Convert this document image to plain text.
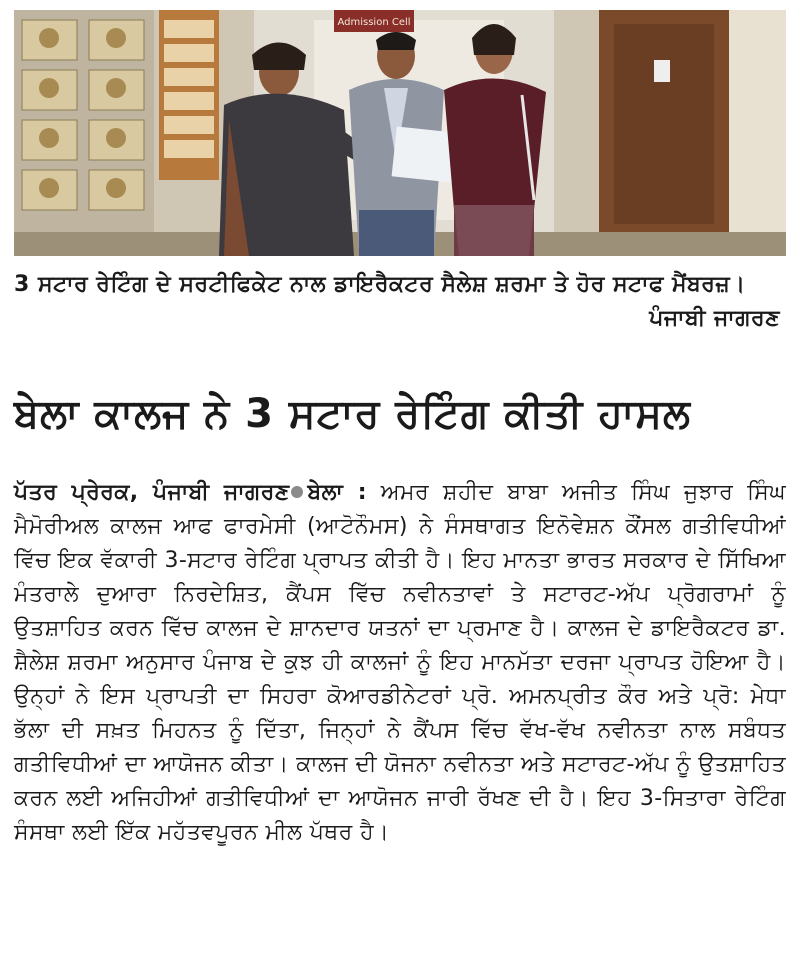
Admission Cell
3 ਸਟਾਰ ਰੇਟਿੰਗ ਦੇ ਸਰਟੀਫਿਕੇਟ ਨਾਲ ਡਾਇਰੈਕਟਰ ਸੈਲੇਸ਼ ਸ਼ਰਮਾ ਤੇ ਹੋਰ ਸਟਾਫ ਮੈਂਬਰਜ਼।
ਪੰਜਾਬੀ ਜਾਗਰਣ
ਬੇਲਾ ਕਾਲਜ ਨੇ 3 ਸਟਾਰ ਰੇਟਿੰਗ ਕੀਤੀ ਹਾਸਲ
ਪੱਤਰ ਪ੍ਰੇਰਕ, ਪੰਜਾਬੀ ਜਾਗਰਣ ਬੇਲਾ : ਅਮਰ ਸ਼ਹੀਦ ਬਾਬਾ ਅਜੀਤ ਸਿੰਘ ਜੁਝਾਰ ਸਿੰਘ ਮੈਮੋਰੀਅਲ ਕਾਲਜ ਆਫ ਫਾਰਮੇਸੀ (ਆਟੋਨੌਮਸ) ਨੇ ਸੰਸਥਾਗਤ ਇਨੋਵੇਸ਼ਨ ਕੌਂਸਲ ਗਤੀਵਿਧੀਆਂ ਵਿੱਚ ਇਕ ਵੱਕਾਰੀ 3-ਸਟਾਰ ਰੇਟਿੰਗ ਪ੍ਰਾਪਤ ਕੀਤੀ ਹੈ। ਇਹ ਮਾਨਤਾ ਭਾਰਤ ਸਰਕਾਰ ਦੇ ਸਿੱਖਿਆ ਮੰਤਰਾਲੇ ਦੁਆਰਾ ਨਿਰਦੇਸ਼ਿਤ, ਕੈਂਪਸ ਵਿੱਚ ਨਵੀਨਤਾਵਾਂ ਤੇ ਸਟਾਰਟ-ਅੱਪ ਪ੍ਰੋਗਰਾਮਾਂ ਨੂੰ ਉਤਸ਼ਾਹਿਤ ਕਰਨ ਵਿੱਚ ਕਾਲਜ ਦੇ ਸ਼ਾਨਦਾਰ ਯਤਨਾਂ ਦਾ ਪ੍ਰਮਾਣ ਹੈ। ਕਾਲਜ ਦੇ ਡਾਇਰੈਕਟਰ ਡਾ. ਸ਼ੈਲੇਸ਼ ਸ਼ਰਮਾ ਅਨੁਸਾਰ ਪੰਜਾਬ ਦੇ ਕੁਝ ਹੀ ਕਾਲਜਾਂ ਨੂੰ ਇਹ ਮਾਨਮੱਤਾ ਦਰਜਾ ਪ੍ਰਾਪਤ ਹੋਇਆ ਹੈ। ਉਨ੍ਹਾਂ ਨੇ ਇਸ ਪ੍ਰਾਪਤੀ ਦਾ ਸਿਹਰਾ ਕੋਆਰਡੀਨੇਟਰਾਂ ਪ੍ਰੋ. ਅਮਨਪ੍ਰੀਤ ਕੌਰ ਅਤੇ ਪ੍ਰੋ: ਮੇਧਾ ਭੱਲਾ ਦੀ ਸਖ਼ਤ ਮਿਹਨਤ ਨੂੰ ਦਿੱਤਾ, ਜਿਨ੍ਹਾਂ ਨੇ ਕੈਂਪਸ ਵਿੱਚ ਵੱਖ-ਵੱਖ ਨਵੀਨਤਾ ਨਾਲ ਸਬੰਧਤ ਗਤੀਵਿਧੀਆਂ ਦਾ ਆਯੋਜਨ ਕੀਤਾ। ਕਾਲਜ ਦੀ ਯੋਜਨਾ ਨਵੀਨਤਾ ਅਤੇ ਸਟਾਰਟ-ਅੱਪ ਨੂੰ ਉਤਸ਼ਾਹਿਤ ਕਰਨ ਲਈ ਅਜਿਹੀਆਂ ਗਤੀਵਿਧੀਆਂ ਦਾ ਆਯੋਜਨ ਜਾਰੀ ਰੱਖਣ ਦੀ ਹੈ। ਇਹ 3-ਸਿਤਾਰਾ ਰੇਟਿੰਗ ਸੰਸਥਾ ਲਈ ਇੱਕ ਮਹੱਤਵਪੂਰਨ ਮੀਲ ਪੱਥਰ ਹੈ।
